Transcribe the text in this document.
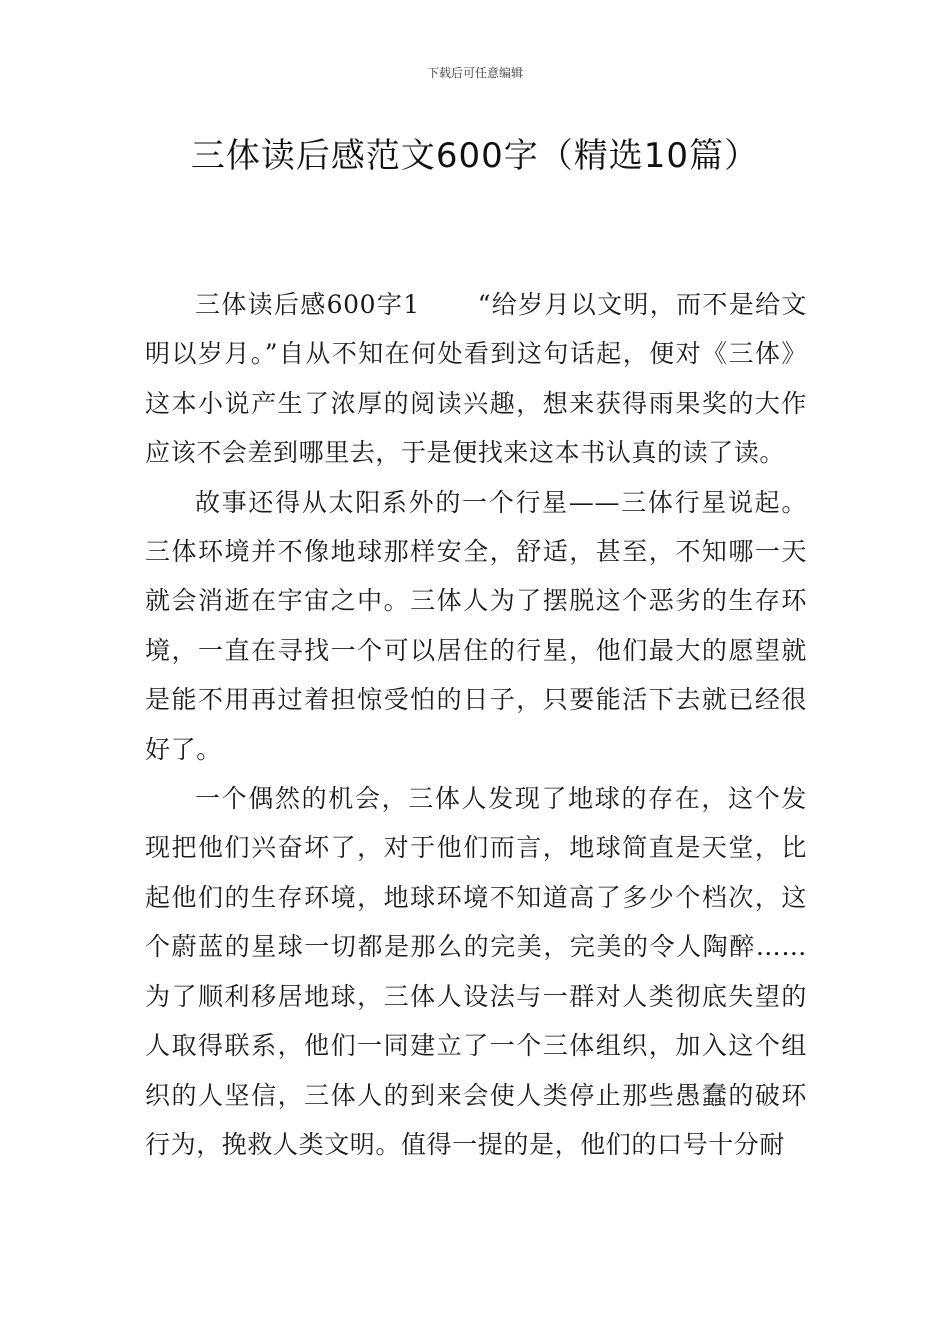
下载后可任意编辑
三体读后感范文600字（精选10篇）

三体读后感600字1 “给岁月以文明，而不是给文明以岁月。”自从不知在何处看到这句话起，便对《三体》这本小说产生了浓厚的阅读兴趣，想来获得雨果奖的大作应该不会差到哪里去，于是便找来这本书认真的读了读。

故事还得从太阳系外的一个行星——三体行星说起。三体环境并不像地球那样安全，舒适，甚至，不知哪一天就会消逝在宇宙之中。三体人为了摆脱这个恶劣的生存环境，一直在寻找一个可以居住的行星，他们最大的愿望就是能不用再过着担惊受怕的日子，只要能活下去就已经很好了。

一个偶然的机会，三体人发现了地球的存在，这个发现把他们兴奋坏了，对于他们而言，地球简直是天堂，比起他们的生存环境，地球环境不知道高了多少个档次，这个蔚蓝的星球一切都是那么的完美，完美的令人陶醉……为了顺利移居地球，三体人设法与一群对人类彻底失望的人取得联系，他们一同建立了一个三体组织，加入这个组织的人坚信，三体人的到来会使人类停止那些愚蠢的破环行为，挽救人类文明。值得一提的是，他们的口号十分耐
